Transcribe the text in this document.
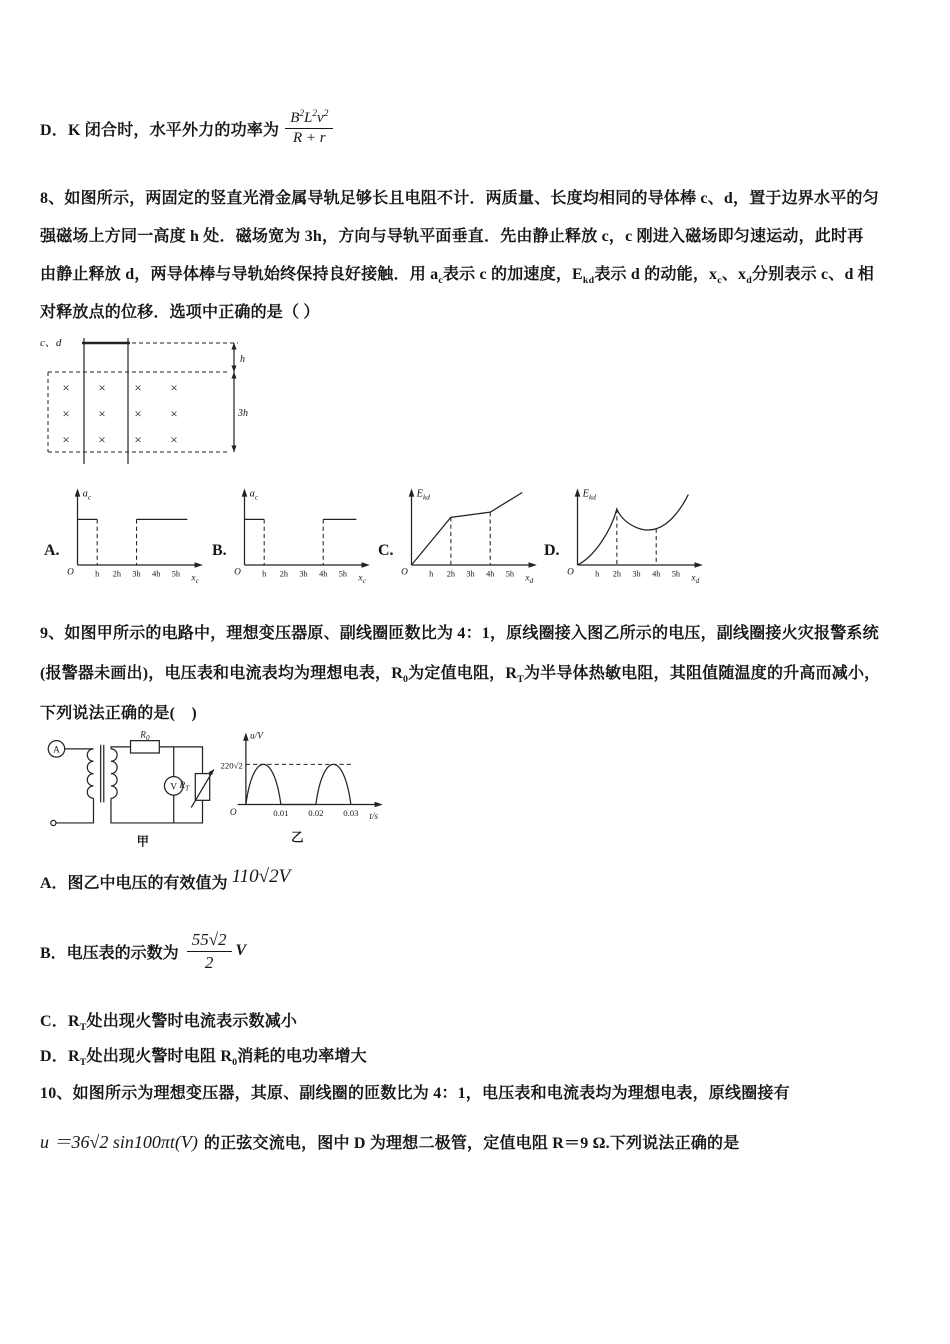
D．K 闭合时，水平外力的功率为 $\frac{B^2L^2v^2}{R + r}$
8、如图所示，两固定的竖直光滑金属导轨足够长且电阻不计．两质量、长度均相同的导体棒 c、d，置于边界水平的匀
强磁场上方同一高度 h 处．磁场宽为 3h，方向与导轨平面垂直．先由静止释放 c，c 刚进入磁场即匀速运动，此时再
由静止释放 d，两导体棒与导轨始终保持良好接触．用 $a_c$表示 c 的加速度，$E_{kd}$表示 d 的动能，$x_c$、$x_d$分别表示 c、d 相
对释放点的位移．选项中正确的是（ ）
c、d
× × × ×
× × × ×
× × × ×
h
3h
A.
$a_c$
O	h 2h 3h 4h 5h $x_c$
B.
$a_c$
O	h 2h 3h 4h 5h $x_c$
C.
$E_{kd}$
O	h 2h 3h 4h 5h $x_d$
D.
$E_{kd}$
O	h 2h 3h 4h 5h $x_d$
9、如图甲所示的电路中，理想变压器原、副线圈匝数比为 4：1，原线圈接入图乙所示的电压，副线圈接火灾报警系统
(报警器未画出)，电压表和电流表均为理想电表，$R_0$为定值电阻，$R_T$为半导体热敏电阻，其阻值随温度的升高而减小，
下列说法正确的是(　)
A
$R_0$
V $R_T$
甲
u/V
t/s
220√2
O	0.01 0.02 0.03
乙
A．图乙中电压的有效值为 110√2V
B．电压表的示数为 $\frac{55√2}{2}$ V
C．$R_T$处出现火警时电流表示数减小
D．$R_T$处出现火警时电阻 $R_0$消耗的电功率增大
10、如图所示为理想变压器，其原、副线圈的匝数比为 4：1，电压表和电流表均为理想电表，原线圈接有
u ＝36√2 sin100πt(V) 的正弦交流电，图中 D 为理想二极管，定值电阻 R＝9 Ω.下列说法正确的是
